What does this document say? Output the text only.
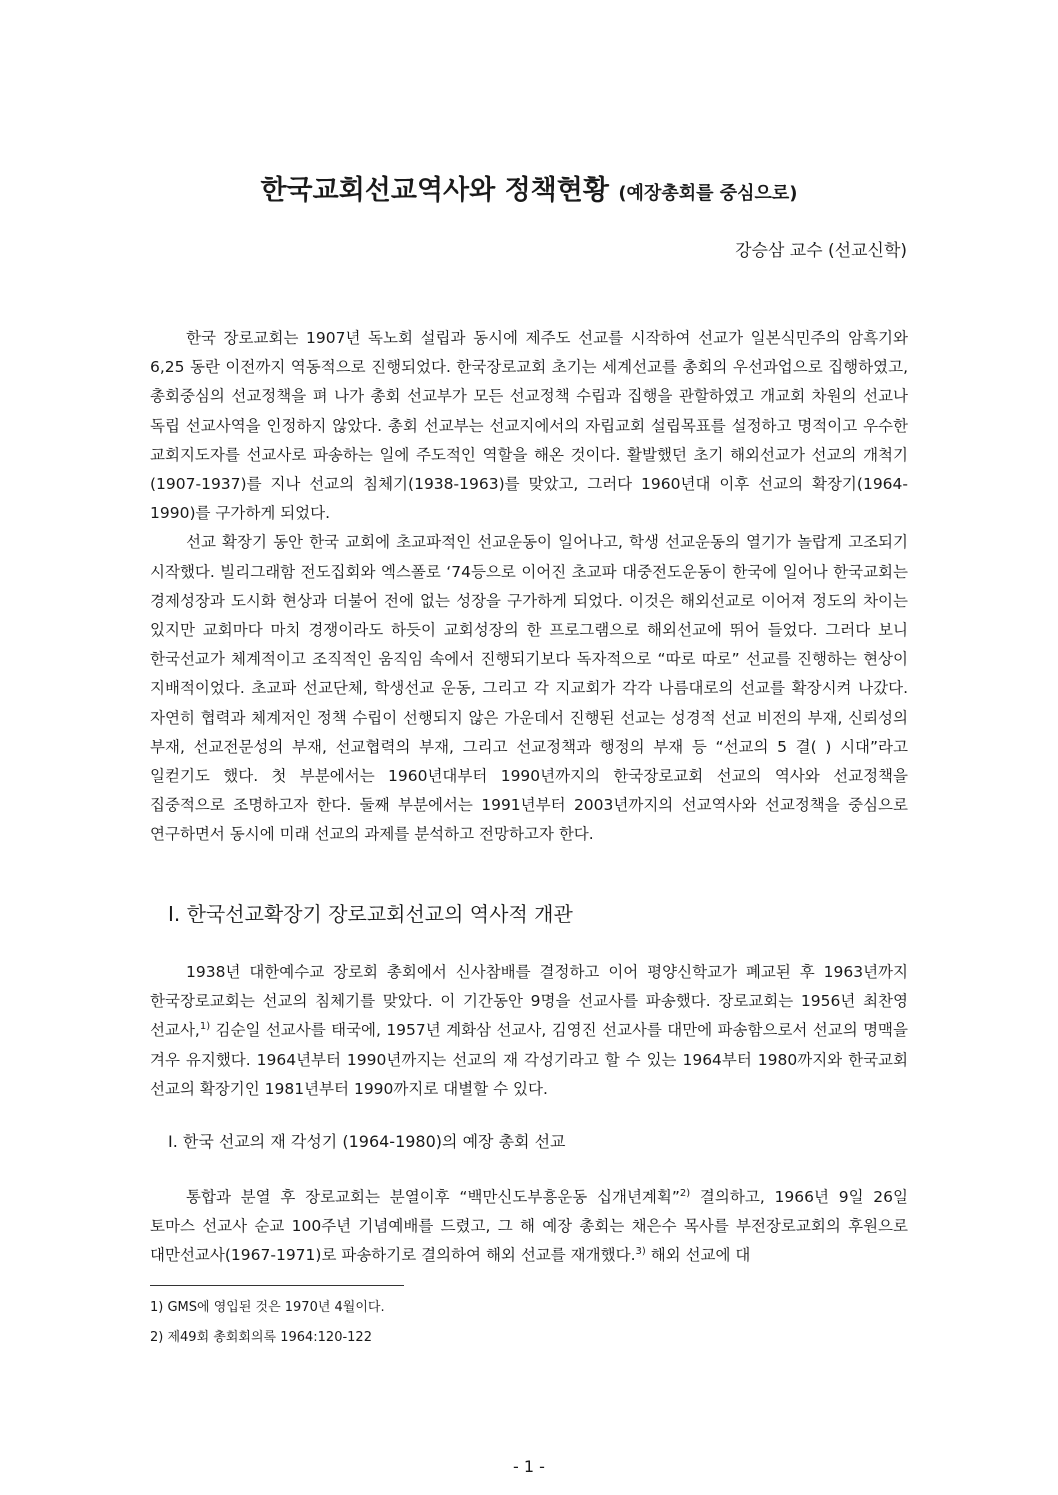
한국교회선교역사와 정책현황 (예장총회를 중심으로)
강승삼 교수 (선교신학)

한국 장로교회는 1907년 독노회 설립과 동시에 제주도 선교를 시작하여 선교가 일본식민주의 암흑기와 6,25 동란 이전까지 역동적으로 진행되었다. 한국장로교회 초기는 세계선교를 총회의 우선과업으로 집행하였고, 총회중심의 선교정책을 펴 나가 총회 선교부가 모든 선교정책 수립과 집행을 관할하였고 개교회 차원의 선교나 독립 선교사역을 인정하지 않았다. 총회 선교부는 선교지에서의 자립교회 설립목표를 설정하고 명적이고 우수한 교회지도자를 선교사로 파송하는 일에 주도적인 역할을 해온 것이다. 활발했던 초기 해외선교가 선교의 개척기(1907-1937)를 지나 선교의 침체기(1938-1963)를 맞았고, 그러다 1960년대 이후 선교의 확장기(1964-1990)를 구가하게 되었다.

선교 확장기 동안 한국 교회에 초교파적인 선교운동이 일어나고, 학생 선교운동의 열기가 놀랍게 고조되기 시작했다. 빌리그래함 전도집회와 엑스폴로 ‘74등으로 이어진 초교파 대중전도운동이 한국에 일어나 한국교회는 경제성장과 도시화 현상과 더불어 전에 없는 성장을 구가하게 되었다. 이것은 해외선교로 이어져 정도의 차이는 있지만 교회마다 마치 경쟁이라도 하듯이 교회성장의 한 프로그램으로 해외선교에 뛰어 들었다. 그러다 보니 한국선교가 체계적이고 조직적인 움직임 속에서 진행되기보다 독자적으로 “따로 따로” 선교를 진행하는 현상이 지배적이었다. 초교파 선교단체, 학생선교 운동, 그리고 각 지교회가 각각 나름대로의 선교를 확장시켜 나갔다. 자연히 협력과 체계저인 정책 수립이 선행되지 않은 가운데서 진행된 선교는 성경적 선교 비전의 부재, 신뢰성의 부재, 선교전문성의 부재, 선교협력의 부재, 그리고 선교정책과 행정의 부재 등 “선교의 5 결( ) 시대”라고 일컫기도 했다. 첫 부분에서는 1960년대부터 1990년까지의 한국장로교회 선교의 역사와 선교정책을 집중적으로 조명하고자 한다. 둘째 부분에서는 1991년부터 2003년까지의 선교역사와 선교정책을 중심으로 연구하면서 동시에 미래 선교의 과제를 분석하고 전망하고자 한다.

I. 한국선교확장기 장로교회선교의 역사적 개관

1938년 대한예수교 장로회 총회에서 신사참배를 결정하고 이어 평양신학교가 폐교된 후 1963년까지 한국장로교회는 선교의 침체기를 맞았다. 이 기간동안 9명을 선교사를 파송했다. 장로교회는 1956년 최찬영 선교사,$^{1)}$ 김순일 선교사를 태국에, 1957년 계화삼 선교사, 김영진 선교사를 대만에 파송함으로서 선교의 명맥을 겨우 유지했다. 1964년부터 1990년까지는 선교의 재 각성기라고 할 수 있는 1964부터 1980까지와 한국교회 선교의 확장기인 1981년부터 1990까지로 대별할 수 있다.

I. 한국 선교의 재 각성기 (1964-1980)의 예장 총회 선교

통합과 분열 후 장로교회는 분열이후 “백만신도부흥운동 십개년계획”$^{2)}$ 결의하고, 1966년 9일 26일 토마스 선교사 순교 100주년 기념예배를 드렸고, 그 해 예장 총회는 채은수 목사를 부전장로교회의 후원으로 대만선교사(1967-1971)로 파송하기로 결의하여 해외 선교를 재개했다.$^{3)}$ 해외 선교에 대

1) GMS에 영입된 것은 1970년 4월이다.
2) 제49회 총회회의록 1964:120-122
- 1 -
